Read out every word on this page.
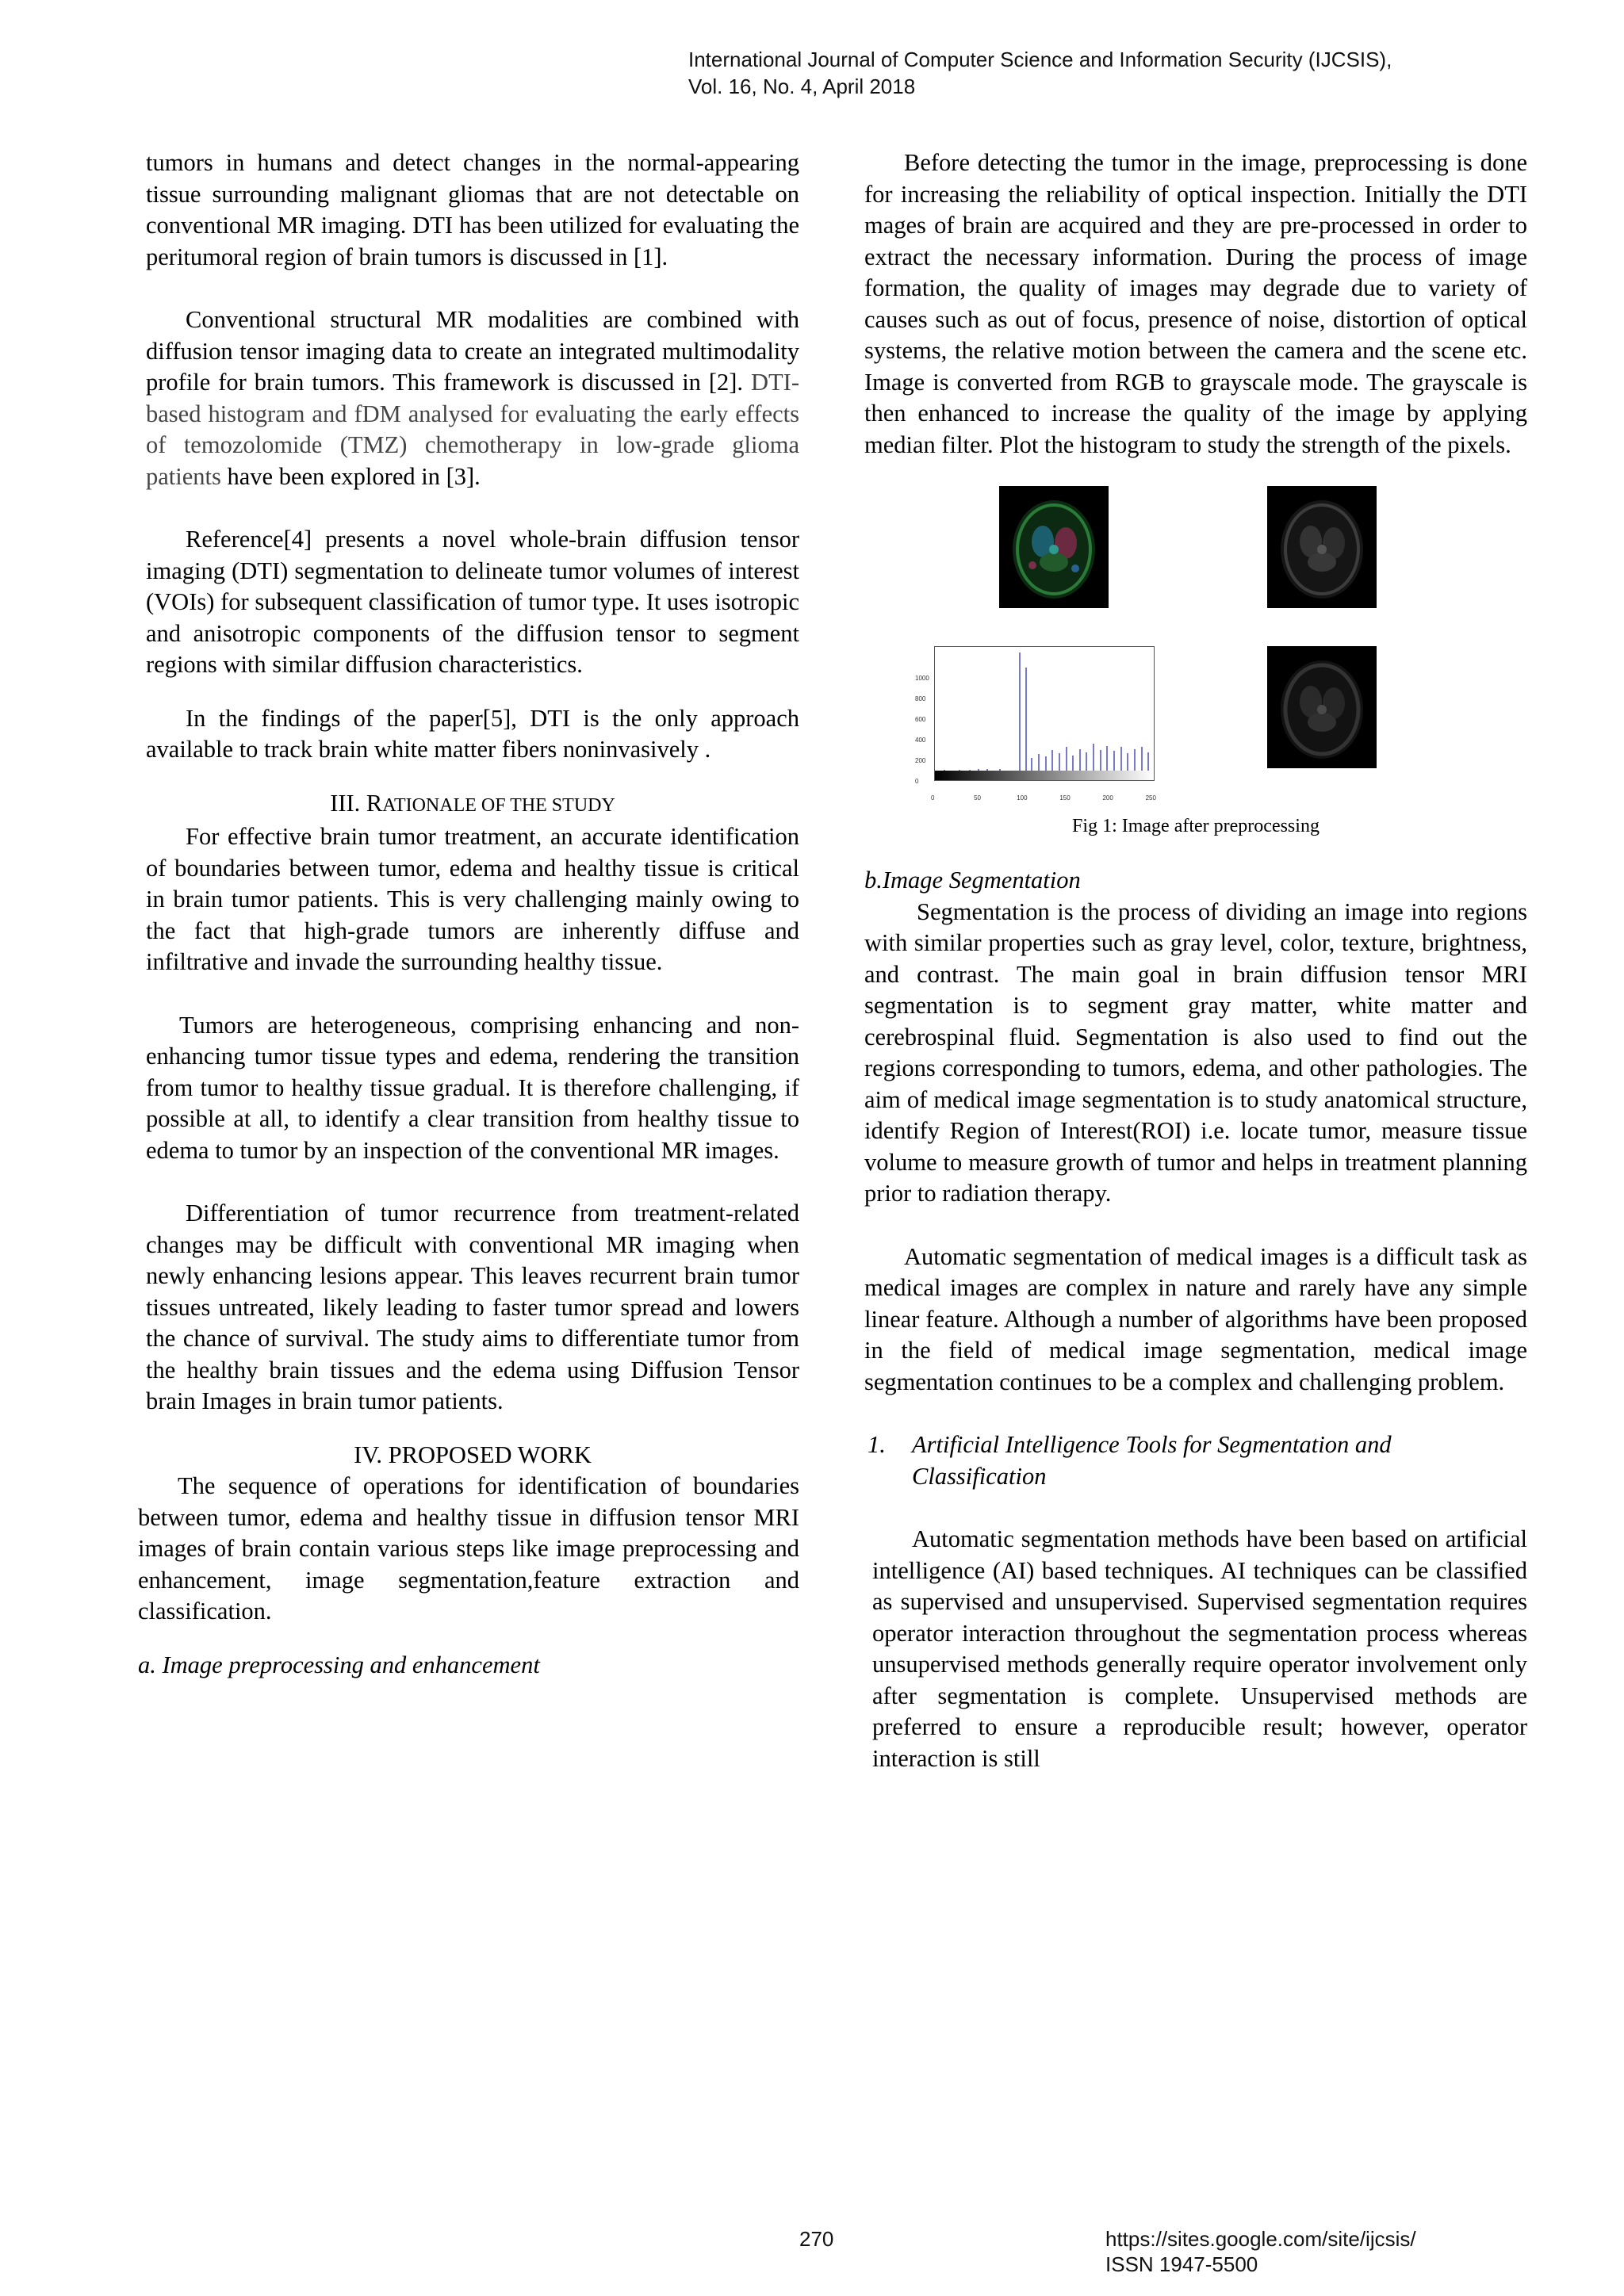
International Journal of Computer Science and Information Security (IJCSIS),
Vol. 16, No. 4, April 2018

tumors in humans and detect changes in the normal-appearing tissue surrounding malignant gliomas that are not detectable on conventional MR imaging. DTI has been utilized for evaluating the peritumoral region of brain tumors is discussed in [1].

Conventional structural MR modalities are combined with diffusion tensor imaging data to create an integrated multimodality profile for brain tumors. This framework is discussed in [2]. DTI-based histogram and fDM analysed for evaluating the early effects of temozolomide (TMZ) chemotherapy in low-grade glioma patients have been explored in [3].

Reference[4] presents a novel whole-brain diffusion tensor imaging (DTI) segmentation to delineate tumor volumes of interest (VOIs) for subsequent classification of tumor type. It uses isotropic and anisotropic components of the diffusion tensor to segment regions with similar diffusion characteristics.

In the findings of the paper[5], DTI is the only approach available to track brain white matter fibers noninvasively .

III. RATIONALE OF THE STUDY

For effective brain tumor treatment, an accurate identification of boundaries between tumor, edema and healthy tissue is critical in brain tumor patients. This is very challenging mainly owing to the fact that high-grade tumors are inherently diffuse and infiltrative and invade the surrounding healthy tissue.

Tumors are heterogeneous, comprising enhancing and non-enhancing tumor tissue types and edema, rendering the transition from tumor to healthy tissue gradual. It is therefore challenging, if possible at all, to identify a clear transition from healthy tissue to edema to tumor by an inspection of the conventional MR images.

Differentiation of tumor recurrence from treatment-related changes may be difficult with conventional MR imaging when newly enhancing lesions appear. This leaves recurrent brain tumor tissues untreated, likely leading to faster tumor spread and lowers the chance of survival. The study aims to differentiate tumor from the healthy brain tissues and the edema using Diffusion Tensor brain Images in brain tumor patients.

IV. PROPOSED WORK

The sequence of operations for identification of boundaries between tumor, edema and healthy tissue in diffusion tensor MRI images of brain contain various steps like image preprocessing and enhancement, image segmentation,feature extraction and classification.

a. Image preprocessing and enhancement

Before detecting the tumor in the image, preprocessing is done for increasing the reliability of optical inspection. Initially the DTI mages of brain are acquired and they are pre-processed in order to extract the necessary information. During the process of image formation, the quality of images may degrade due to variety of causes such as out of focus, presence of noise, distortion of optical systems, the relative motion between the camera and the scene etc. Image is converted from RGB to grayscale mode. The grayscale is then enhanced to increase the quality of the image by applying median filter. Plot the histogram to study the strength of the pixels.

1000
800
600
400
200
0
0	50	100	150	200	250

Fig 1: Image after preprocessing

b.Image Segmentation

Segmentation is the process of dividing an image into regions with similar properties such as gray level, color, texture, brightness, and contrast. The main goal in brain diffusion tensor MRI segmentation is to segment gray matter, white matter and cerebrospinal fluid. Segmentation is also used to find out the regions corresponding to tumors, edema, and other pathologies. The aim of medical image segmentation is to study anatomical structure, identify Region of Interest(ROI) i.e. locate tumor, measure tissue volume to measure growth of tumor and helps in treatment planning prior to radiation therapy.

Automatic segmentation of medical images is a difficult task as medical images are complex in nature and rarely have any simple linear feature. Although a number of algorithms have been proposed in the field of medical image segmentation, medical image segmentation continues to be a complex and challenging problem.

1.	Artificial Intelligence Tools for Segmentation and Classification

Automatic segmentation methods have been based on artificial intelligence (AI) based techniques. AI techniques can be classified as supervised and unsupervised. Supervised segmentation requires operator interaction throughout the segmentation process whereas unsupervised methods generally require operator involvement only after segmentation is complete. Unsupervised methods are preferred to ensure a reproducible result; however, operator interaction is still

270	https://sites.google.com/site/ijcsis/
ISSN 1947-5500
